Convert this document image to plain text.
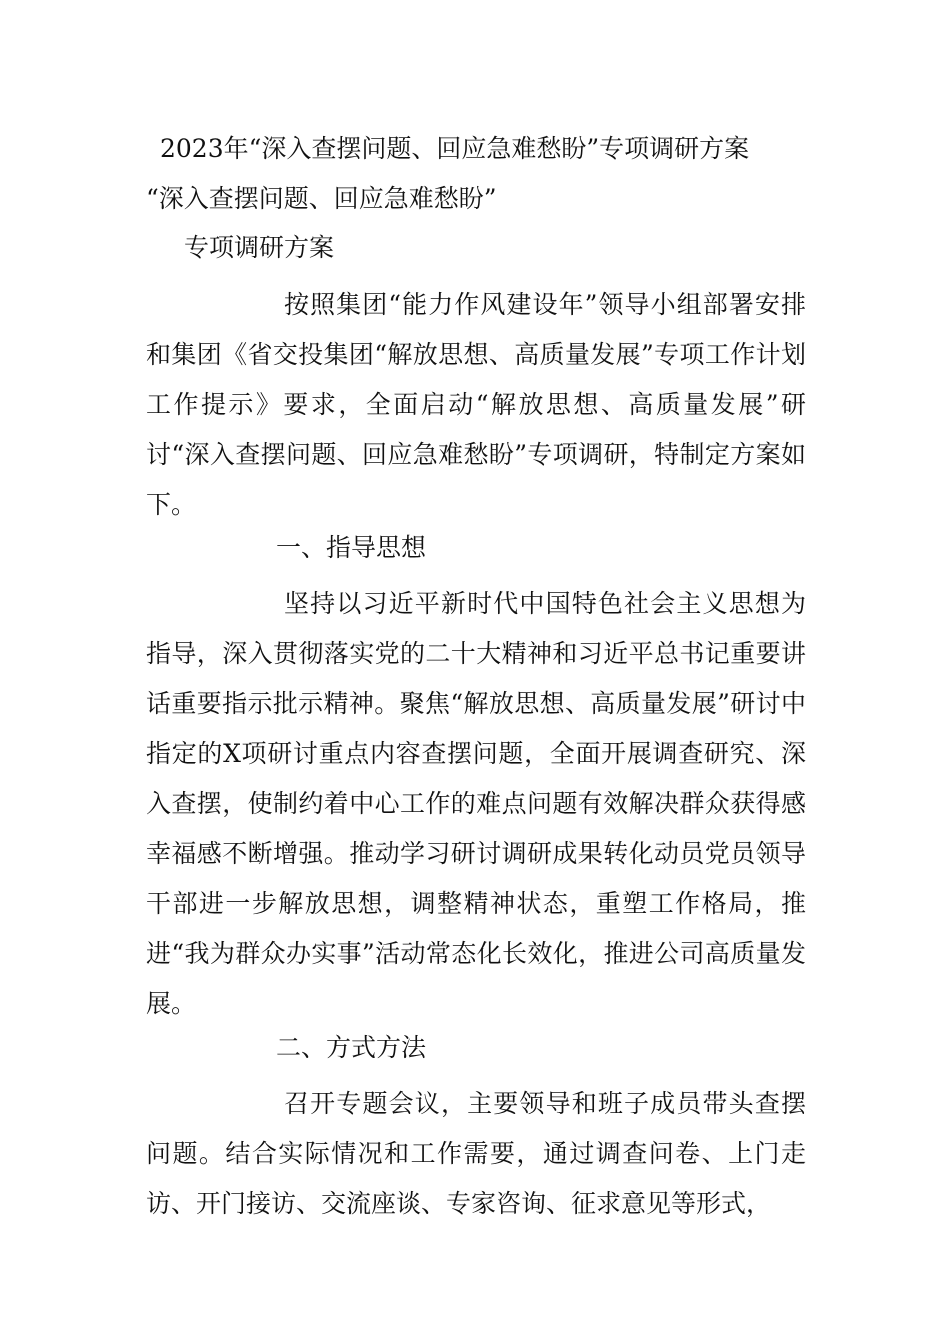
2023年“深入查摆问题、回应急难愁盼”专项调研方案
“深入查摆问题、回应急难愁盼”
专项调研方案
按照集团“能力作风建设年”领导小组部署安排和集团《省交投集团“解放思想、高质量发展”专项工作计划工作提示》要求，全面启动“解放思想、高质量发展”研讨“深入查摆问题、回应急难愁盼”专项调研，特制定方案如下。
一、指导思想
坚持以习近平新时代中国特色社会主义思想为指导，深入贯彻落实党的二十大精神和习近平总书记重要讲话重要指示批示精神。聚焦“解放思想、高质量发展”研讨中指定的X项研讨重点内容查摆问题，全面开展调查研究、深入查摆，使制约着中心工作的难点问题有效解决群众获得感幸福感不断增强。推动学习研讨调研成果转化动员党员领导干部进一步解放思想，调整精神状态，重塑工作格局，推进“我为群众办实事”活动常态化长效化，推进公司高质量发展。
二、方式方法
召开专题会议，主要领导和班子成员带头查摆问题。结合实际情况和工作需要，通过调查问卷、上门走访、开门接访、交流座谈、专家咨询、征求意见等形式，
